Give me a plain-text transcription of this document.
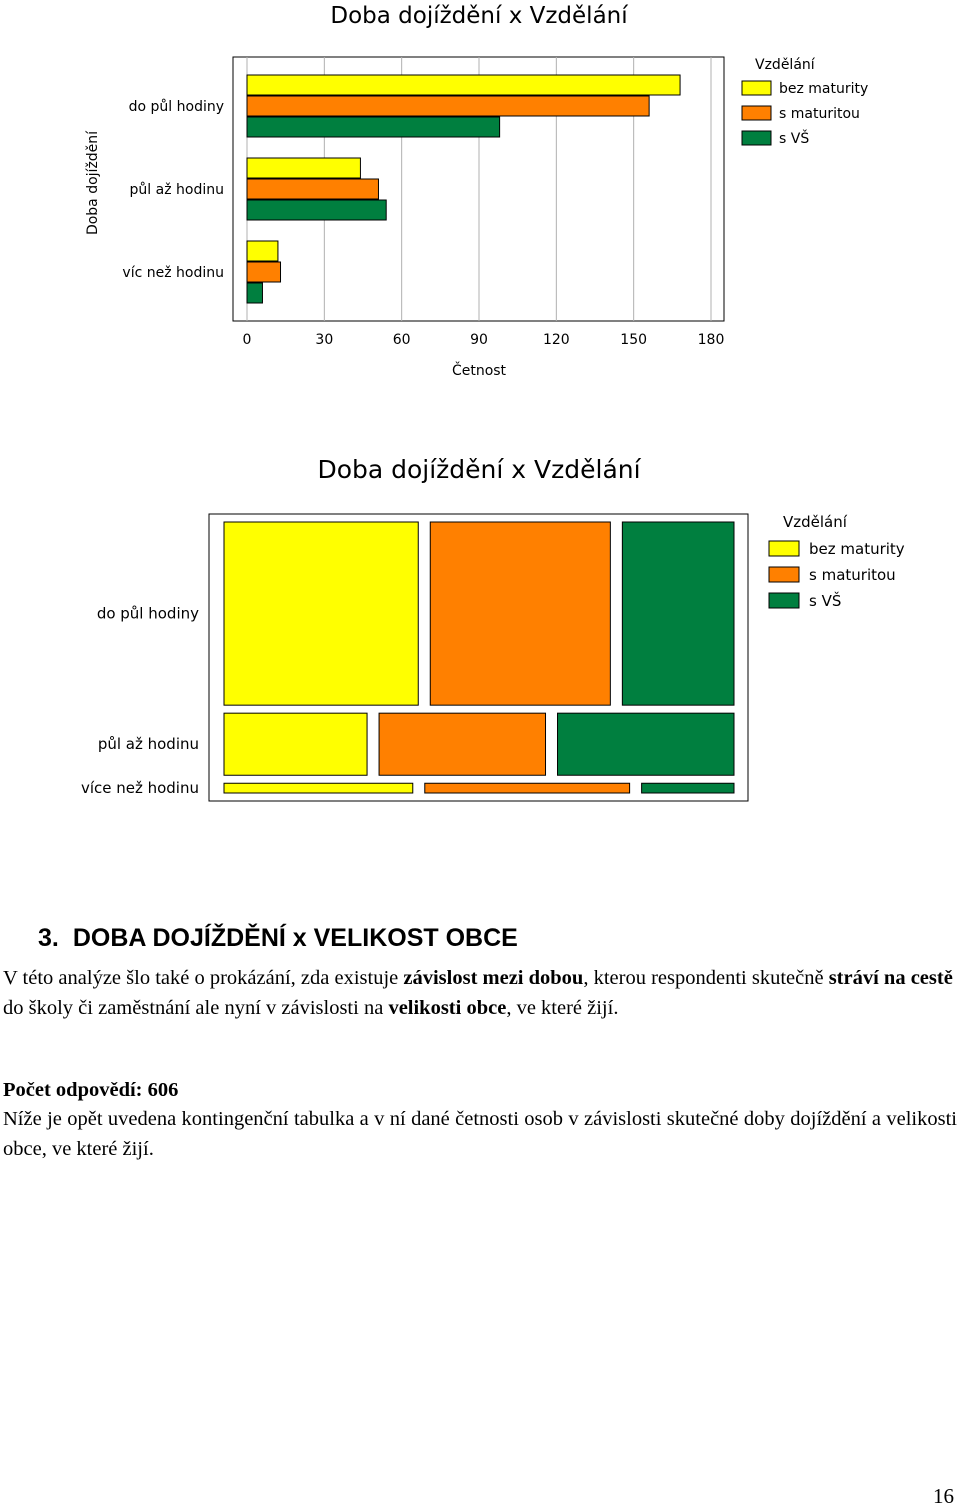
Doba dojíždění x Vzdělání
do půl hodiny
půl až hodinu
víc než hodinu
0	30	60	90	120	150	180
Doba dojíždění
Četnost
Vzdělání
bez maturity
s maturitou
s VŠ
Doba dojíždění x Vzdělání
do půl hodiny
půl až hodinu
více než hodinu
Vzdělání
bez maturity
s maturitou
s VŠ
3. DOBA DOJÍŽDĚNÍ x VELIKOST OBCE
V této analýze šlo také o prokázání, zda existuje závislost mezi dobou, kterou respondenti skutečně stráví na cestě do školy či zaměstnání ale nyní v závislosti na velikosti obce, ve které žijí.
Počet odpovědí: 606
Níže je opět uvedena kontingenční tabulka a v ní dané četnosti osob v závislosti skutečné doby dojíždění a velikosti obce, ve které žijí.
16
